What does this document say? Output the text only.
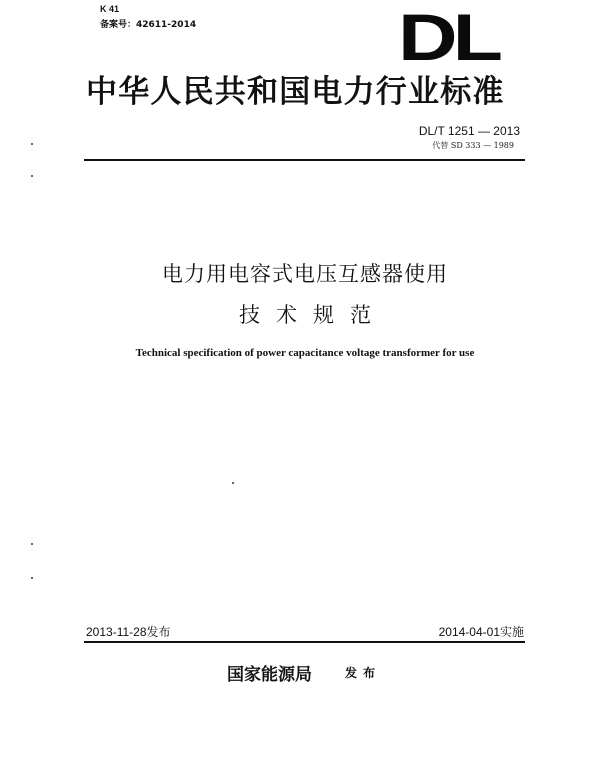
K 41
备案号：42611-2014	DL
中华人民共和国电力行业标准
DL/T 1251 — 2013
代替 SD 333 — 1989
电力用电容式电压互感器使用
技术规范
Technical specification of power capacitance voltage transformer for use
2013-11-28发布	2014-04-01实施
国家能源局	发布
